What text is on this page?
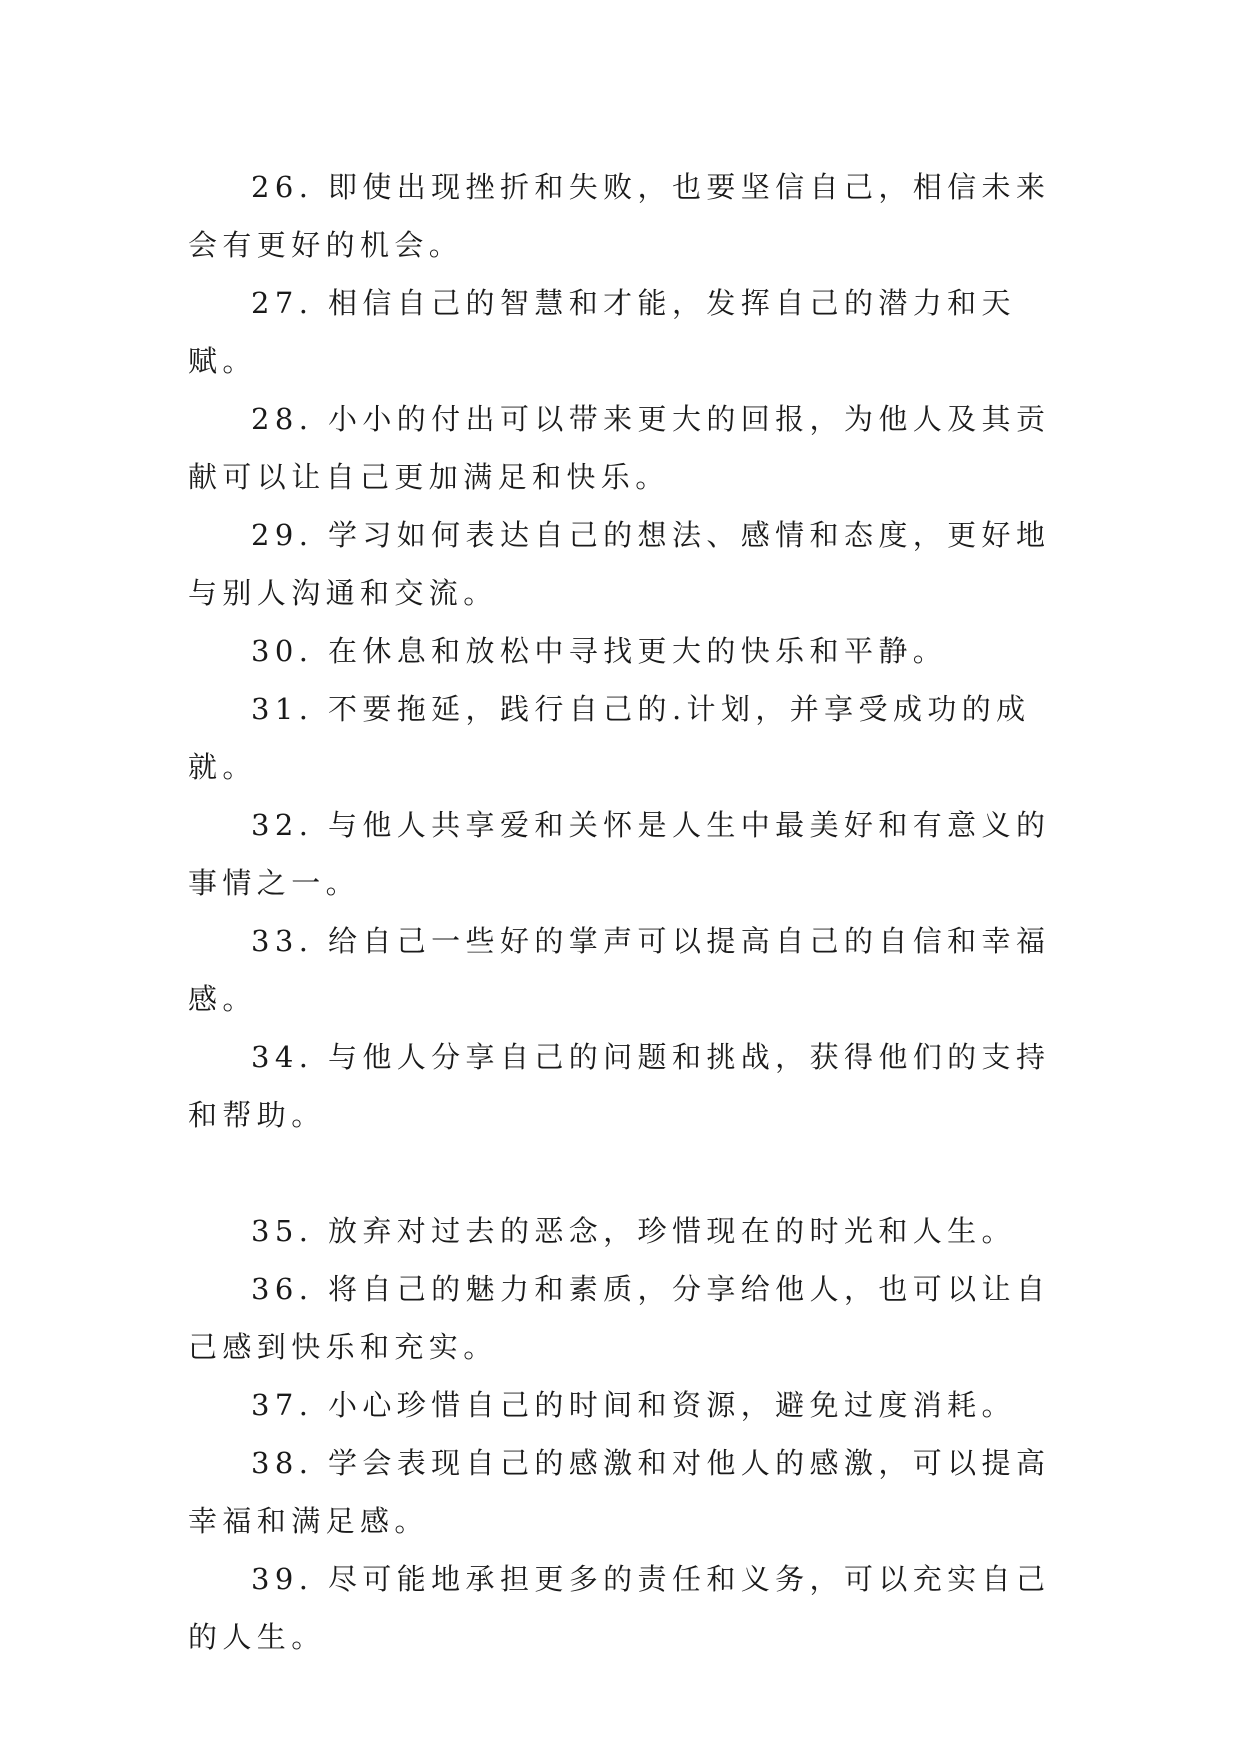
26. 即使出现挫折和失败，也要坚信自己，相信未来会有更好的机会。

27. 相信自己的智慧和才能，发挥自己的潜力和天赋。

28. 小小的付出可以带来更大的回报，为他人及其贡献可以让自己更加满足和快乐。

29. 学习如何表达自己的想法、感情和态度，更好地与别人沟通和交流。

30. 在休息和放松中寻找更大的快乐和平静。

31. 不要拖延，践行自己的.计划，并享受成功的成就。

32. 与他人共享爱和关怀是人生中最美好和有意义的事情之一。

33. 给自己一些好的掌声可以提高自己的自信和幸福感。

34. 与他人分享自己的问题和挑战，获得他们的支持和帮助。

35. 放弃对过去的恶念，珍惜现在的时光和人生。

36. 将自己的魅力和素质，分享给他人，也可以让自己感到快乐和充实。

37. 小心珍惜自己的时间和资源，避免过度消耗。

38. 学会表现自己的感激和对他人的感激，可以提高幸福和满足感。

39. 尽可能地承担更多的责任和义务，可以充实自己的人生。
